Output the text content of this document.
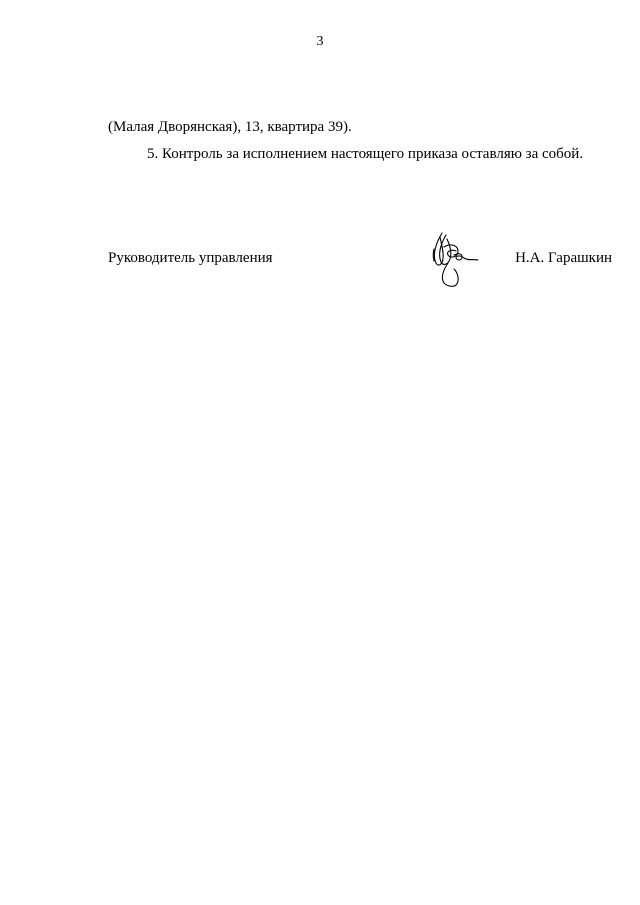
3
(Малая Дворянская), 13, квартира 39).
5. Контроль за исполнением настоящего приказа оставляю за собой.
Руководитель управления	Н.А. Гарашкин
